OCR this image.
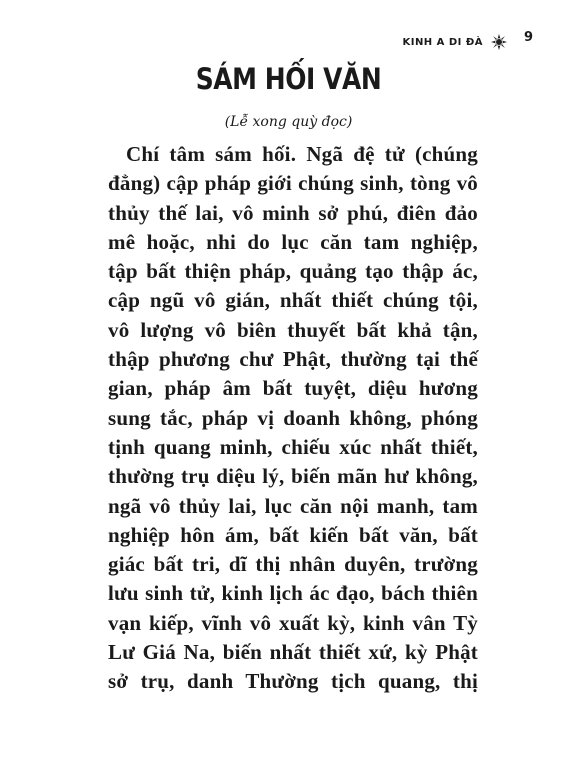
KINH A DI ĐÀ	9
SÁM HỐI VĂN
(Lễ xong quỳ đọc)
Chí tâm sám hối. Ngã đệ tử (chúng
đẳng) cập pháp giới chúng sinh, tòng vô
thủy thế lai, vô minh sở phú, điên đảo
mê hoặc, nhi do lục căn tam nghiệp,
tập bất thiện pháp, quảng tạo thập ác,
cập ngũ vô gián, nhất thiết chúng tội,
vô lượng vô biên thuyết bất khả tận,
thập phương chư Phật, thường tại thế
gian, pháp âm bất tuyệt, diệu hương
sung tắc, pháp vị doanh không, phóng
tịnh quang minh, chiếu xúc nhất thiết,
thường trụ diệu lý, biến mãn hư không,
ngã vô thủy lai, lục căn nội manh, tam
nghiệp hôn ám, bất kiến bất văn, bất
giác bất tri, dĩ thị nhân duyên, trường
lưu sinh tử, kinh lịch ác đạo, bách thiên
vạn kiếp, vĩnh vô xuất kỳ, kinh vân Tỳ
Lư Giá Na, biến nhất thiết xứ, kỳ Phật
sở trụ, danh Thường tịch quang, thị
